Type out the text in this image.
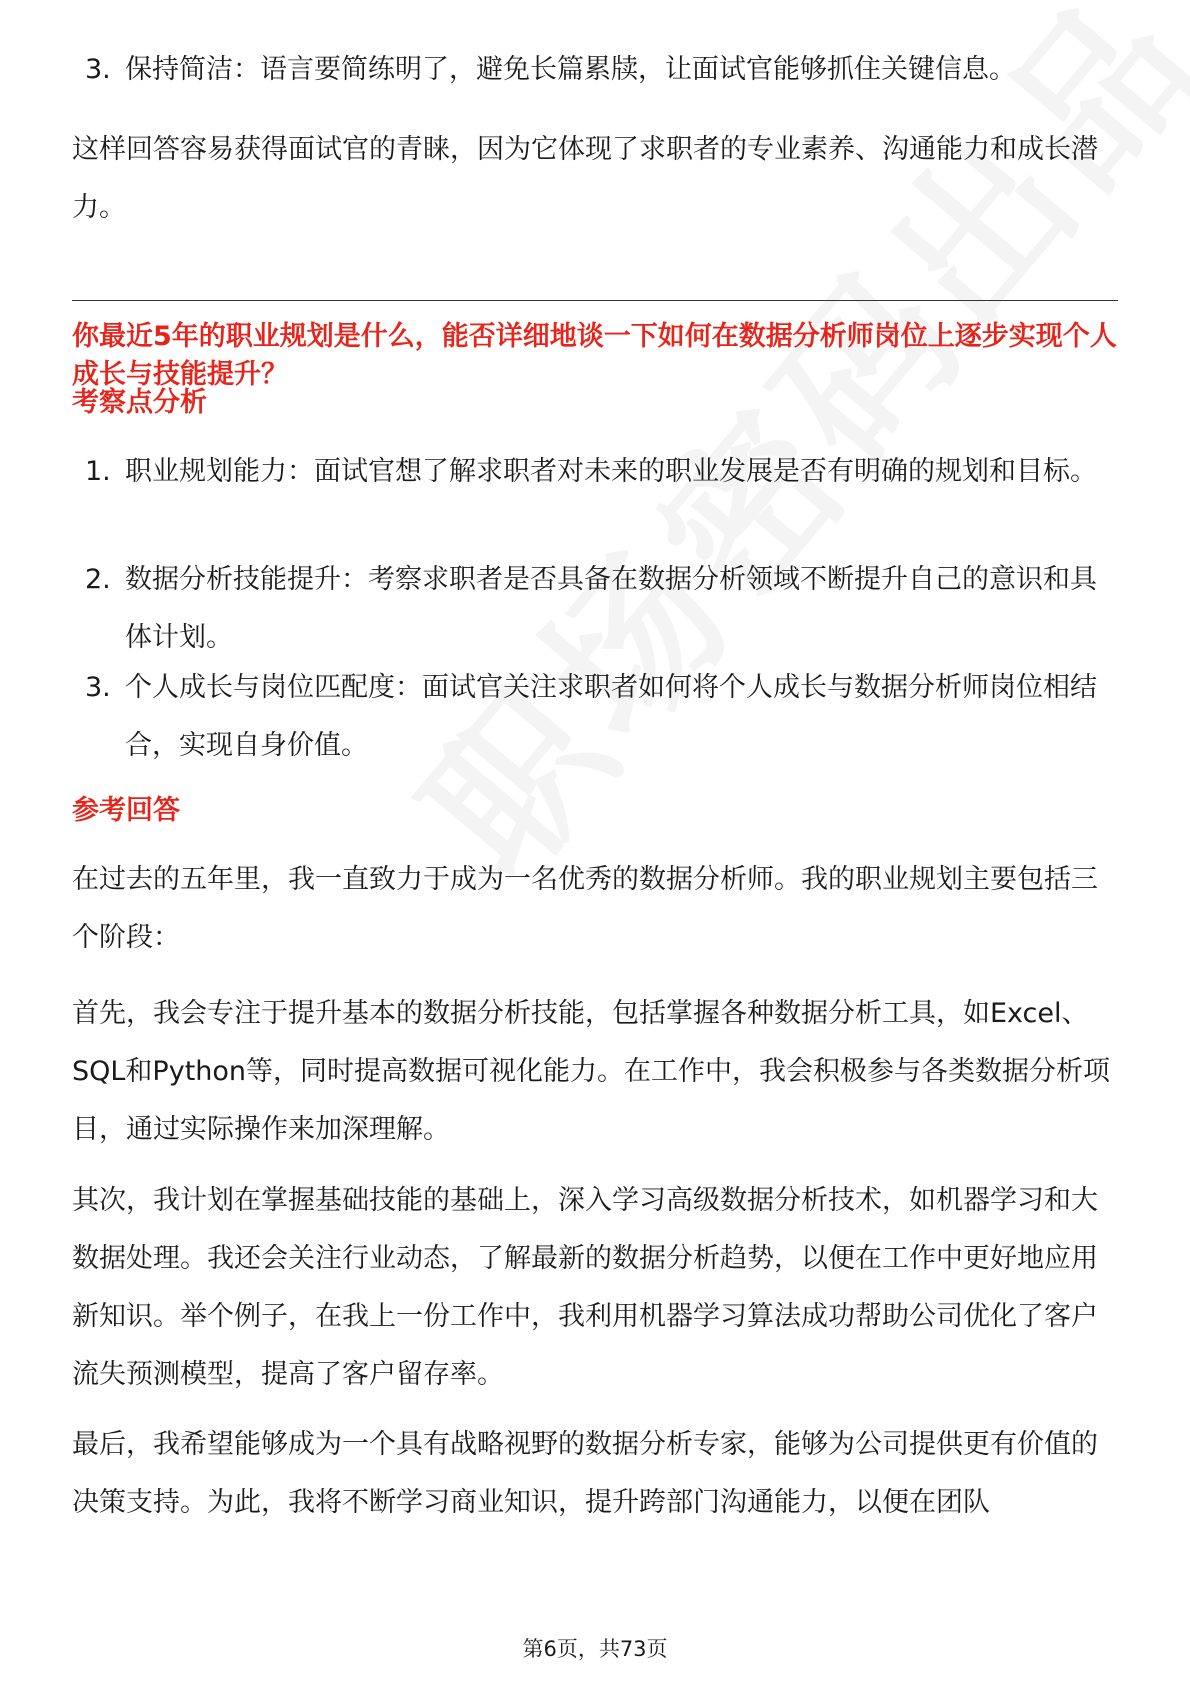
3. 保持简洁：语言要简练明了，避免长篇累牍，让面试官能够抓住关键信息。

这样回答容易获得面试官的青睐，因为它体现了求职者的专业素养、沟通能力和成长潜力。

你最近5年的职业规划是什么，能否详细地谈一下如何在数据分析师岗位上逐步实现个人成长与技能提升？

考察点分析

1. 职业规划能力：面试官想了解求职者对未来的职业发展是否有明确的规划和目标。
2. 数据分析技能提升：考察求职者是否具备在数据分析领域不断提升自己的意识和具体计划。
3. 个人成长与岗位匹配度：面试官关注求职者如何将个人成长与数据分析师岗位相结合，实现自身价值。

参考回答

在过去的五年里，我一直致力于成为一名优秀的数据分析师。我的职业规划主要包括三个阶段：

首先，我会专注于提升基本的数据分析技能，包括掌握各种数据分析工具，如Excel、SQL和Python等，同时提高数据可视化能力。在工作中，我会积极参与各类数据分析项目，通过实际操作来加深理解。

其次，我计划在掌握基础技能的基础上，深入学习高级数据分析技术，如机器学习和大数据处理。我还会关注行业动态，了解最新的数据分析趋势，以便在工作中更好地应用新知识。举个例子，在我上一份工作中，我利用机器学习算法成功帮助公司优化了客户流失预测模型，提高了客户留存率。

最后，我希望能够成为一个具有战略视野的数据分析专家，能够为公司提供更有价值的决策支持。为此，我将不断学习商业知识，提升跨部门沟通能力，以便在团队

第6页，共73页
